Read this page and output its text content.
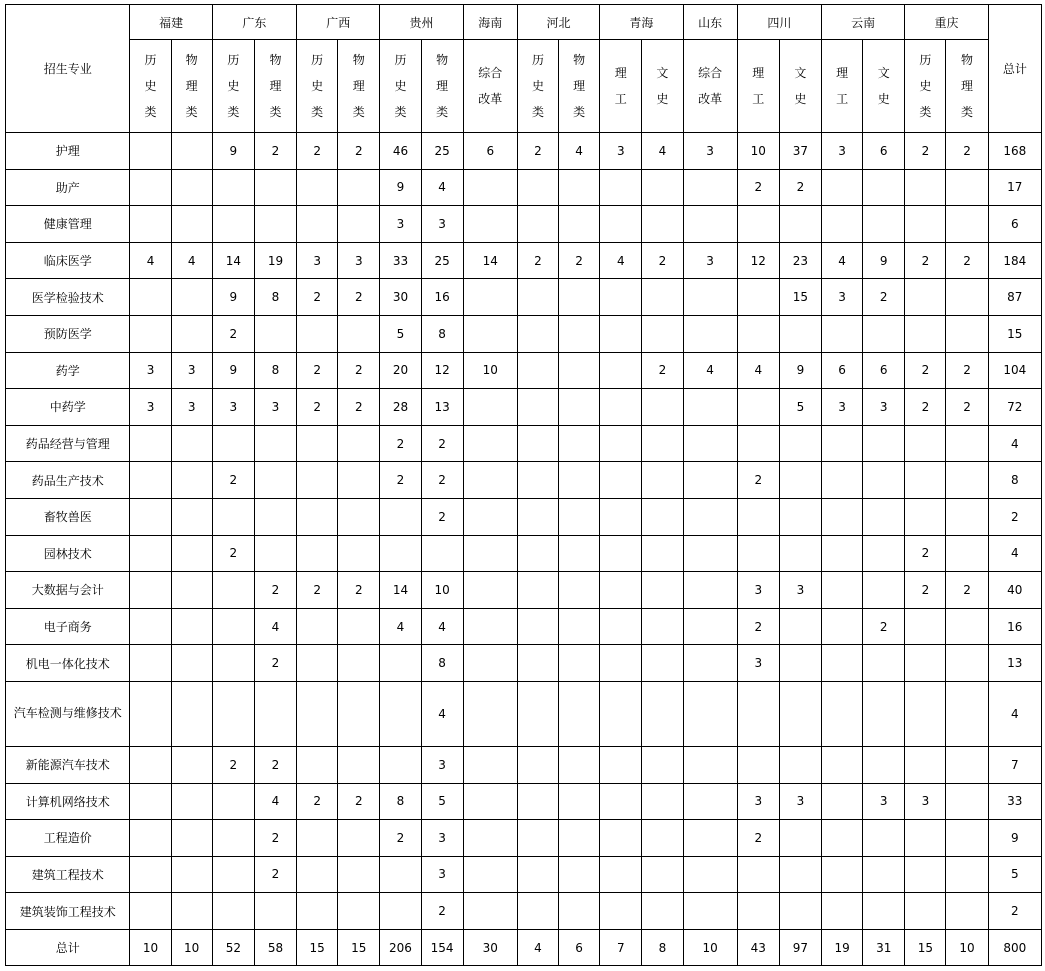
招生专业	福建		广东		广西		贵州		海南	河北		青海		山东	四川		云南		重庆		总计
	历史类	物理类	历史类	物理类	历史类	物理类	历史类	物理类	综合改革	历史类	物理类	理工	文史	综合改革	理工	文史	理工	文史	历史类	物理类	
护理			9	2	2	2	46	25	6	2	4	3	4	3	10	37	3	6	2	2	168
助产							9	4							2	2					17
健康管理							3	3													6
临床医学	4	4	14	19	3	3	33	25	14	2	2	4	2	3	12	23	4	9	2	2	184
医学检验技术			9	8	2	2	30	16								15	3	2			87
预防医学			2				5	8													15
药学	3	3	9	8	2	2	20	12	10				2	4	4	9	6	6	2	2	104
中药学	3	3	3	3	2	2	28	13								5	3	3	2	2	72
药品经营与管理							2	2													4
药品生产技术			2				2	2							2						8
畜牧兽医								2													2
园林技术			2																2		4
大数据与会计				2	2	2	14	10							3	3			2	2	40
电子商务				4			4	4							2			2			16
机电一体化技术				2				8							3						13
汽车检测与维修技术								4													4
新能源汽车技术			2	2				3													7
计算机网络技术				4	2	2	8	5							3	3		3	3		33
工程造价				2			2	3							2						9
建筑工程技术				2				3													5
建筑装饰工程技术								2													2
总计	10	10	52	58	15	15	206	154	30	4	6	7	8	10	43	97	19	31	15	10	800
